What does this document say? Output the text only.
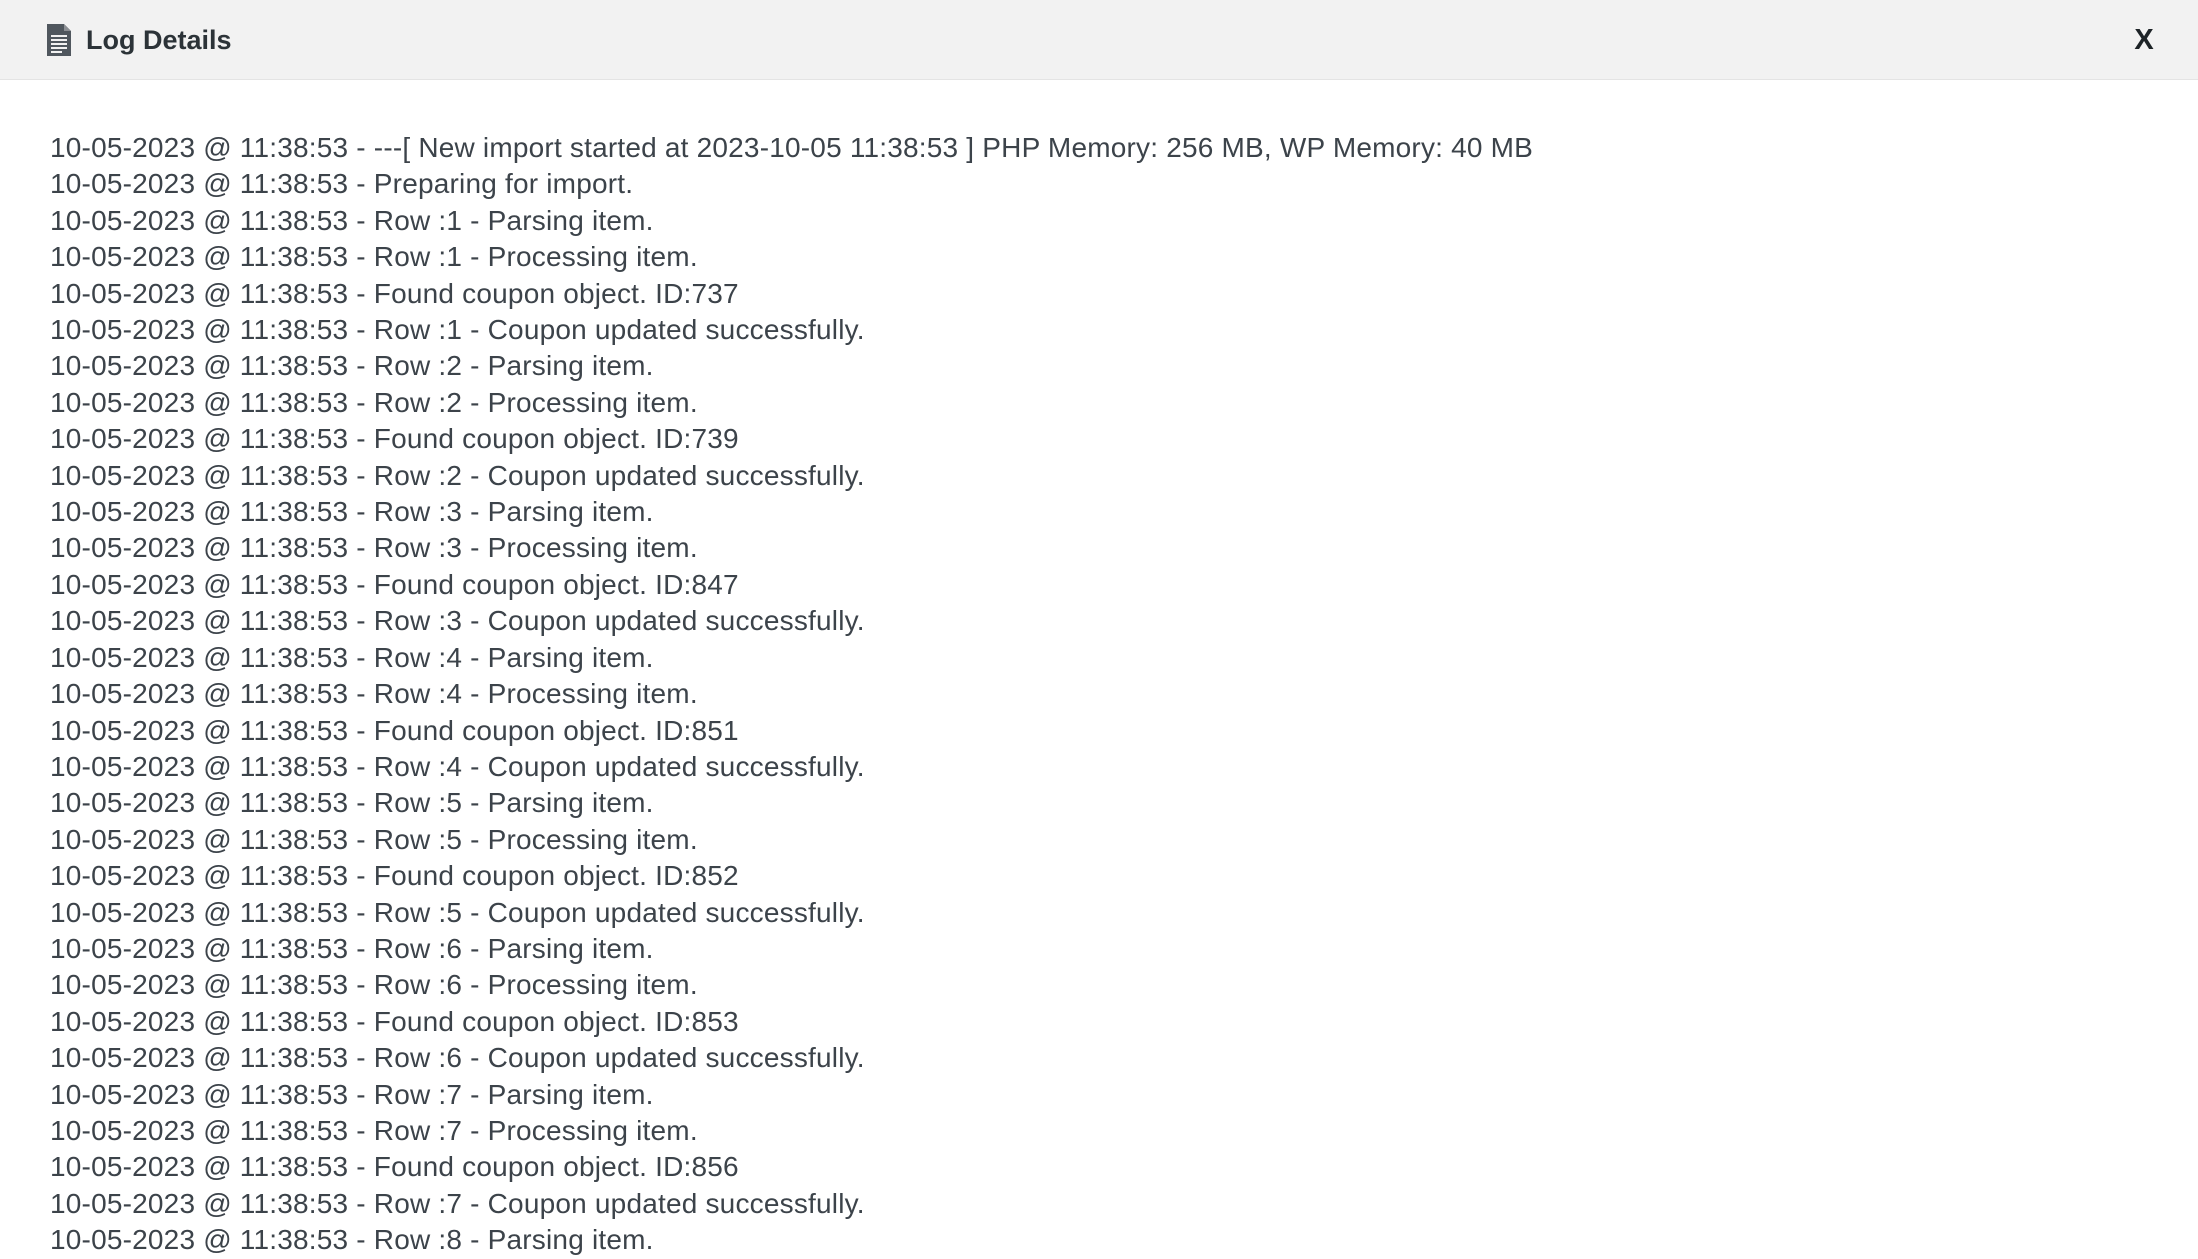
Log Details	X
10-05-2023 @ 11:38:53 - ---[ New import started at 2023-10-05 11:38:53 ] PHP Memory: 256 MB, WP Memory: 40 MB
10-05-2023 @ 11:38:53 - Preparing for import.
10-05-2023 @ 11:38:53 - Row :1 - Parsing item.
10-05-2023 @ 11:38:53 - Row :1 - Processing item.
10-05-2023 @ 11:38:53 - Found coupon object. ID:737
10-05-2023 @ 11:38:53 - Row :1 - Coupon updated successfully.
10-05-2023 @ 11:38:53 - Row :2 - Parsing item.
10-05-2023 @ 11:38:53 - Row :2 - Processing item.
10-05-2023 @ 11:38:53 - Found coupon object. ID:739
10-05-2023 @ 11:38:53 - Row :2 - Coupon updated successfully.
10-05-2023 @ 11:38:53 - Row :3 - Parsing item.
10-05-2023 @ 11:38:53 - Row :3 - Processing item.
10-05-2023 @ 11:38:53 - Found coupon object. ID:847
10-05-2023 @ 11:38:53 - Row :3 - Coupon updated successfully.
10-05-2023 @ 11:38:53 - Row :4 - Parsing item.
10-05-2023 @ 11:38:53 - Row :4 - Processing item.
10-05-2023 @ 11:38:53 - Found coupon object. ID:851
10-05-2023 @ 11:38:53 - Row :4 - Coupon updated successfully.
10-05-2023 @ 11:38:53 - Row :5 - Parsing item.
10-05-2023 @ 11:38:53 - Row :5 - Processing item.
10-05-2023 @ 11:38:53 - Found coupon object. ID:852
10-05-2023 @ 11:38:53 - Row :5 - Coupon updated successfully.
10-05-2023 @ 11:38:53 - Row :6 - Parsing item.
10-05-2023 @ 11:38:53 - Row :6 - Processing item.
10-05-2023 @ 11:38:53 - Found coupon object. ID:853
10-05-2023 @ 11:38:53 - Row :6 - Coupon updated successfully.
10-05-2023 @ 11:38:53 - Row :7 - Parsing item.
10-05-2023 @ 11:38:53 - Row :7 - Processing item.
10-05-2023 @ 11:38:53 - Found coupon object. ID:856
10-05-2023 @ 11:38:53 - Row :7 - Coupon updated successfully.
10-05-2023 @ 11:38:53 - Row :8 - Parsing item.
